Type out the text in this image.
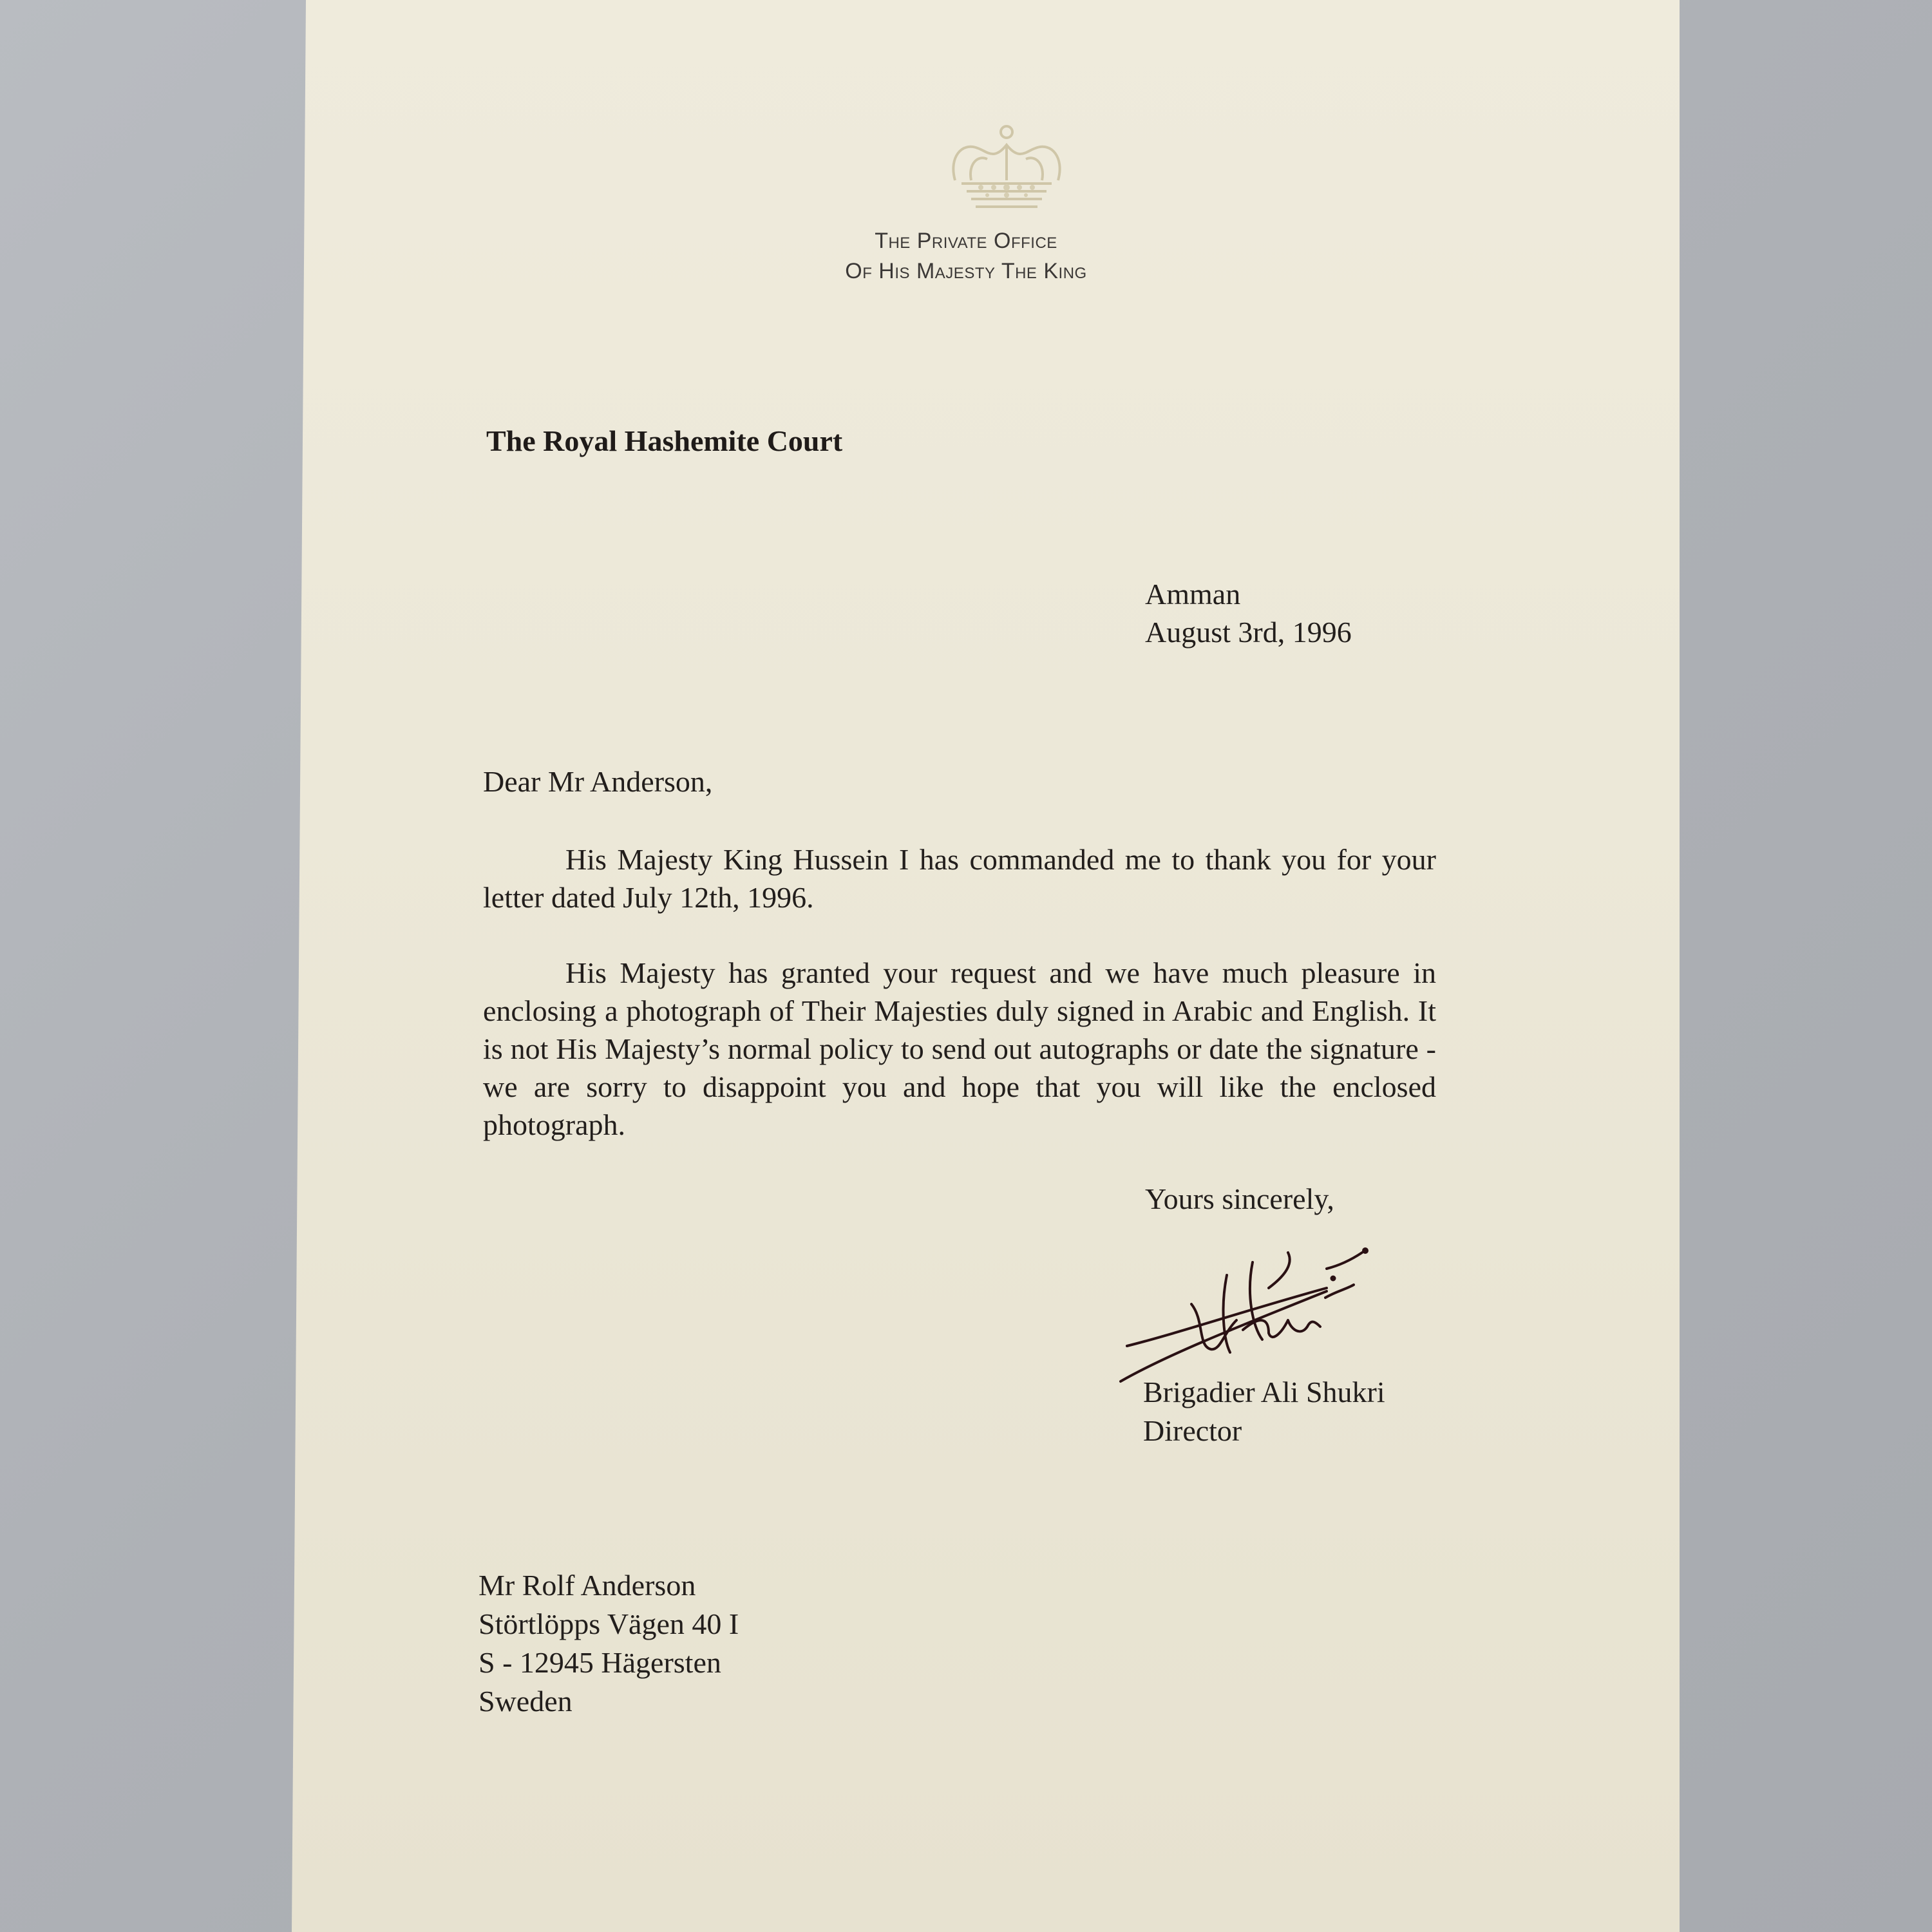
The Private Office
Of His Majesty The King
The Royal Hashemite Court
Amman
August 3rd, 1996
Dear Mr Anderson,
His Majesty King Hussein I has commanded me to thank you for your letter dated July 12th, 1996.
His Majesty has granted your request and we have much pleasure in enclosing a photograph of Their Majesties duly signed in Arabic and English. It is not His Majesty’s normal policy to send out autographs or date the signature - we are sorry to disappoint you and hope that you will like the enclosed photograph.
Yours sincerely,
Brigadier Ali Shukri
Director
Mr Rolf Anderson
Störtlöpps Vägen 40 I
S - 12945 Hägersten
Sweden
